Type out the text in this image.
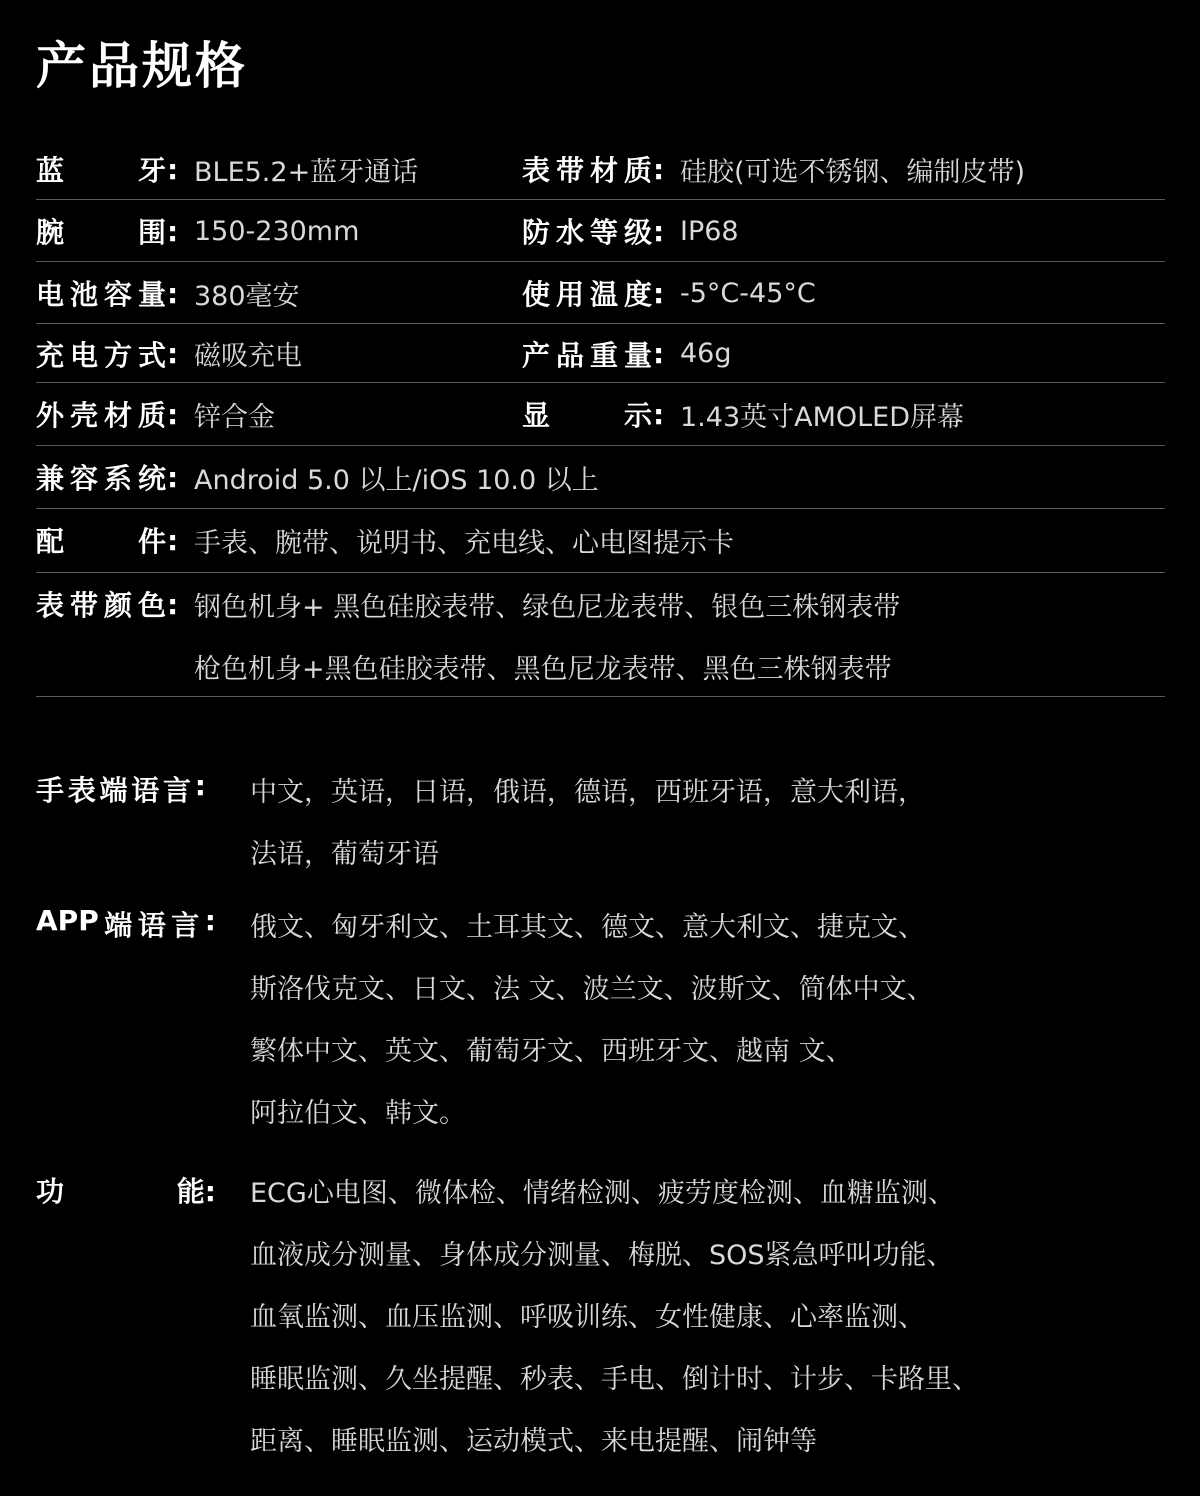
产品规格
蓝	牙 : BLE5.2+蓝牙通话	表 带 材 质 : 硅胶(可选不锈钢、编制皮带)
腕	围 : 150-230mm	防 水 等 级 : IP68
电 池 容 量 : 380毫安	使 用 温 度 : -5°C-45°C
充 电 方 式 : 磁吸充电	产 品 重 量 : 46g
外 壳 材 质 : 锌合金	显	示 : 1.43英寸AMOLED屏幕
兼 容 系 统 : Android 5.0 以上/iOS 10.0 以上
配	件 : 手表、腕带、说明书、充电线、心电图提示卡
表 带 颜 色 : 钢色机身+ 黑色硅胶表带、绿色尼龙表带、银色三株钢表带
枪色机身+黑色硅胶表带、黑色尼龙表带、黑色三株钢表带
手 表 端 语 言 : 中文，英语，日语，俄语，德语，西班牙语，意大利语，
法语，葡萄牙语
APP 端 语 言 : 俄文、匈牙利文、土耳其文、德文、意大利文、捷克文、
斯洛伐克文、日文、法 文、波兰文、波斯文、简体中文、
繁体中文、英文、葡萄牙文、西班牙文、越南 文、
阿拉伯文、韩文。
功	能: ECG心电图、微体检、情绪检测、疲劳度检测、血糖监测、
血液成分测量、身体成分测量、梅脱、SOS紧急呼叫功能、
血氧监测、血压监测、呼吸训练、女性健康、心率监测、
睡眠监测、久坐提醒、秒表、手电、倒计时、计步、卡路里、
距离、睡眠监测、运动模式、来电提醒、闹钟等
